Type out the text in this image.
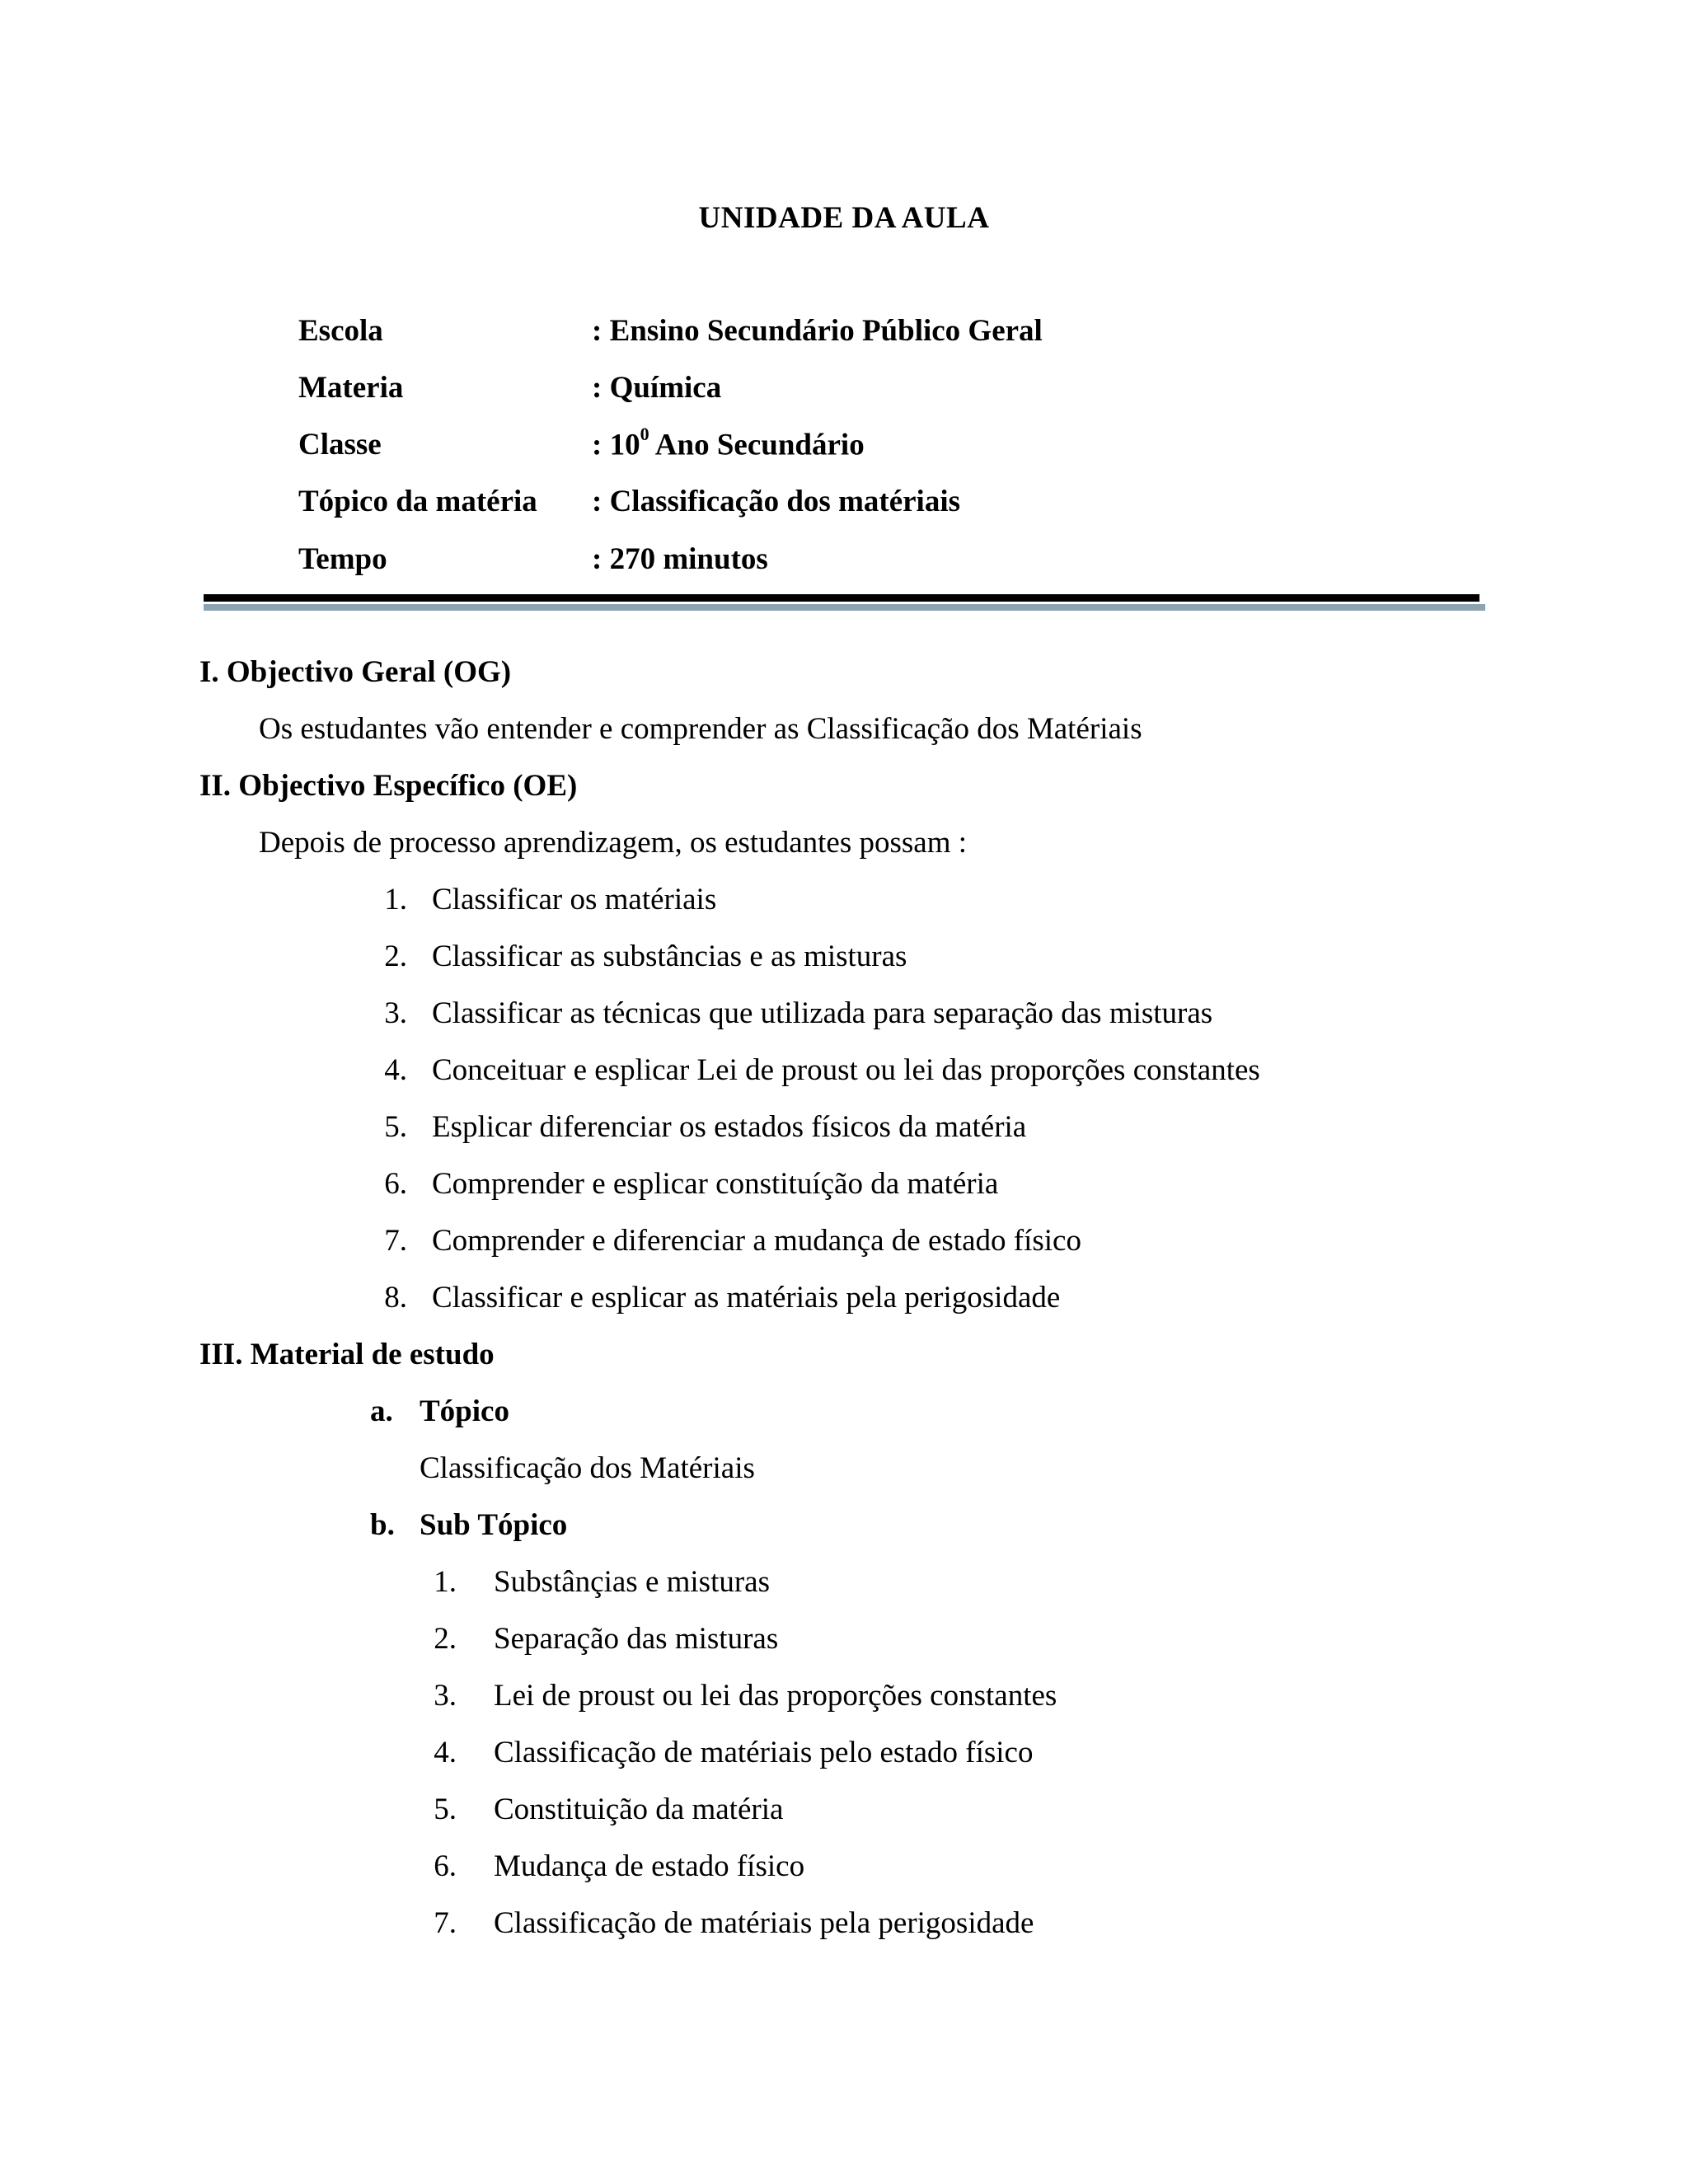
UNIDADE DA AULA
Escola	: Ensino Secundário Público Geral
Materia	: Química
Classe	: $10^0$ Ano Secundário
Tópico da matéria : Classificação dos matériais
Tempo	: 270 minutos
I. Objectivo Geral (OG)
Os estudantes vão entender e comprender as Classificação dos Matériais
II. Objectivo Específico (OE)
Depois de processo aprendizagem, os estudantes possam :
1. Classificar os matériais
2. Classificar as substâncias e as misturas
3. Classificar as técnicas que utilizada para separação das misturas
4. Conceituar e esplicar Lei de proust ou lei das proporções constantes
5. Esplicar diferenciar os estados físicos da matéria
6. Comprender e esplicar constituíção da matéria
7. Comprender e diferenciar a mudança de estado físico
8. Classificar e esplicar as matériais pela perigosidade
III. Material de estudo
a. Tópico
Classificação dos Matériais
b. Sub Tópico
1. Substânçias e misturas
2. Separação das misturas
3. Lei de proust ou lei das proporções constantes
4. Classificação de matériais pelo estado físico
5. Constituição da matéria
6. Mudança de estado físico
7. Classificação de matériais pela perigosidade
